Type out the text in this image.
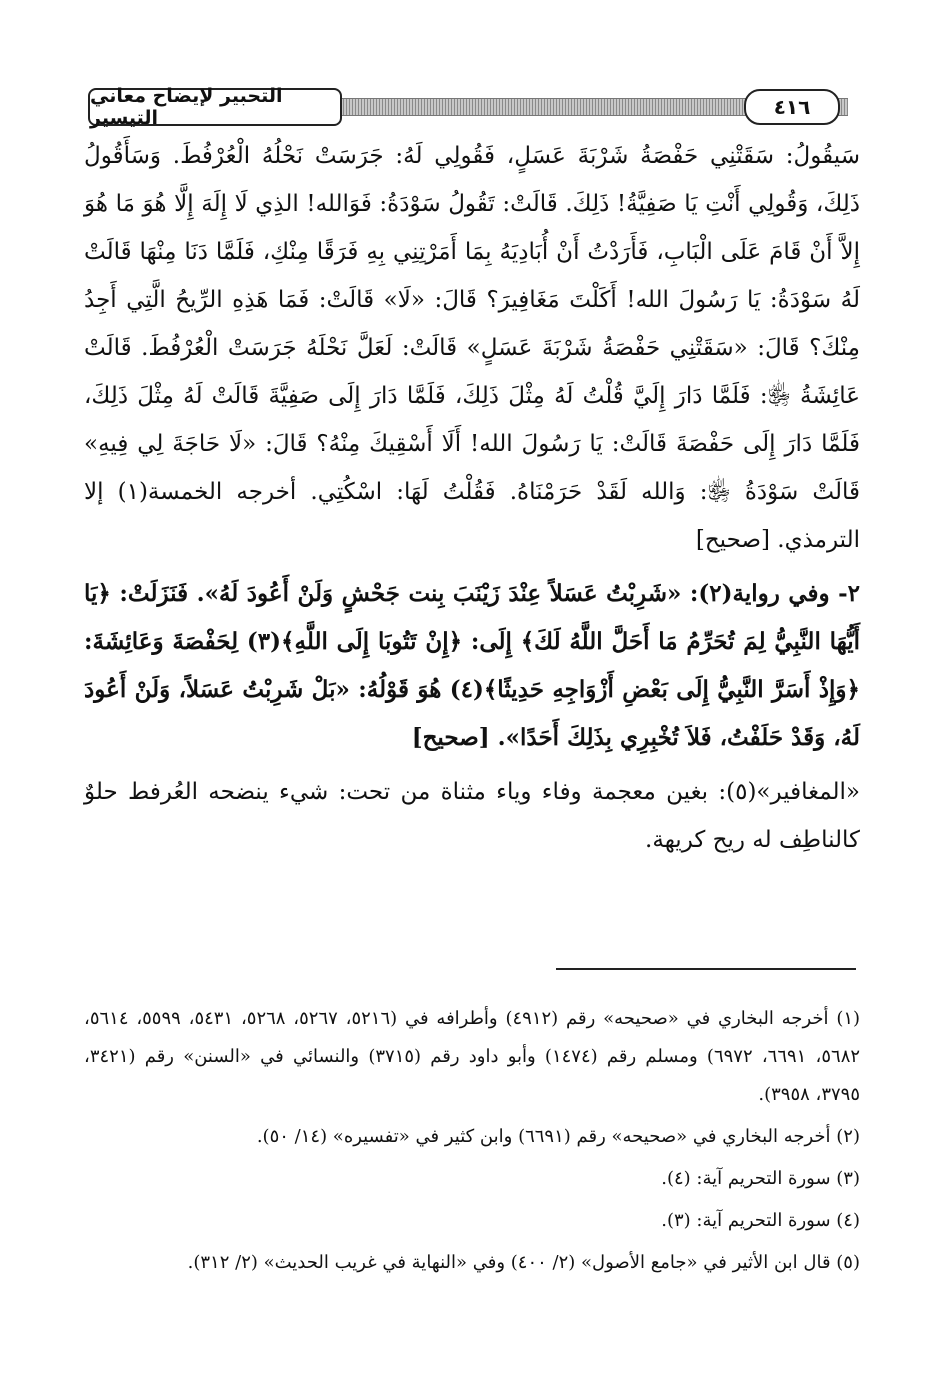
التحبير لإيضاح معاني التيسير	٤١٦

سَيقُولُ: سَقَتْنِي حَفْصَةُ شَرْبَةَ عَسَلٍ، فَقُولِي لَهُ: جَرَسَتْ نَحْلُهُ الْعُرْفُطَ. وَسَأَقُولُ ذَلِكَ، وَقُولِي أَنْتِ يَا صَفِيَّةُ! ذَلِكَ. قَالَتْ: تَقُولُ سَوْدَةُ: فَوَالله! الذِي لَا إِلَهَ إِلَّا هُوَ مَا هُوَ إِلاَّ أَنْ قَامَ عَلَى الْبَابِ، فَأَرَدْتُ أَنْ أُبَادِيَهُ بِمَا أَمَرْتِنِي بِهِ فَرَقًا مِنْكِ، فَلَمَّا دَنَا مِنْهَا قَالَتْ لَهُ سَوْدَةُ: يَا رَسُولَ الله! أَكَلْتَ مَغَافِيرَ؟ قَالَ: «لَا» قَالَتْ: فَمَا هَذِهِ الرِّيحُ الَّتِي أَجِدُ مِنْكَ؟ قَالَ: «سَقَتْنِي حَفْصَةُ شَرْبَةَ عَسَلٍ» قَالَتْ: لَعَلَّ نَحْلَهُ جَرَسَتْ الْعُرْفُطَ. قَالَتْ عَائِشَةُ ﵂: فَلَمَّا دَارَ إِلَيَّ قُلْتُ لَهُ مِثْلَ ذَلِكَ، فَلَمَّا دَارَ إِلَى صَفِيَّةَ قَالَتْ لَهُ مِثْلَ ذَلِكَ، فَلَمَّا دَارَ إِلَى حَفْصَةَ قَالَتْ: يَا رَسُولَ الله! أَلَا أَسْقِيكَ مِنْهُ؟ قَالَ: «لَا حَاجَةَ لِي فِيهِ» قَالَتْ سَوْدَةُ ﵂: وَالله لَقَدْ حَرَمْنَاهُ. فَقُلْتُ لَهَا: اسْكُتِي. أخرجه الخمسة(١) إلا الترمذي. [صحيح]

٢- وفي رواية(٢): «شَرِبْتُ عَسَلاً عِنْدَ زَيْنَبَ بِنت جَحْشٍ وَلَنْ أَعُودَ لَهُ». فَنَزَلَتْ: ﴿يَا أَيُّهَا النَّبِيُّ لِمَ تُحَرِّمُ مَا أَحَلَّ اللَّهُ لَكَ﴾ إِلَى: ﴿إِنْ تَتُوبَا إِلَى اللَّهِ﴾(٣) لِحَفْصَةَ وَعَائِشَةَ: ﴿وَإِذْ أَسَرَّ النَّبِيُّ إِلَى بَعْضِ أَزْوَاجِهِ حَدِيثًا﴾(٤) هُوَ قَوْلُهُ: «بَلْ شَرِبْتُ عَسَلاً، وَلَنْ أَعُودَ لَهُ، وَقَدْ حَلَفْتُ، فَلاَ تُخْبِرِي بِذَلِكَ أَحَدًا». [صحيح]

«المغافير»(٥): بغين معجمة وفاء وياء مثناة من تحت: شيء ينضحه العُرفط حلوٌ كالناطِف له ريح كريهة.

(١) أخرجه البخاري في «صحيحه» رقم (٤٩١٢) وأطرافه في (٥٢١٦، ٥٢٦٧، ٥٢٦٨، ٥٤٣١، ٥٥٩٩، ٥٦١٤، ٥٦٨٢، ٦٦٩١، ٦٩٧٢) ومسلم رقم (١٤٧٤) وأبو داود رقم (٣٧١٥) والنسائي في «السنن» رقم (٣٤٢١، ٣٧٩٥، ٣٩٥٨).

(٢) أخرجه البخاري في «صحيحه» رقم (٦٦٩١) وابن كثير في «تفسيره» (١٤/ ٥٠).

(٣) سورة التحريم آية: (٤).

(٤) سورة التحريم آية: (٣).

(٥) قال ابن الأثير في «جامع الأصول» (٢/ ٤٠٠) وفي «النهاية في غريب الحديث» (٢/ ٣١٢).
